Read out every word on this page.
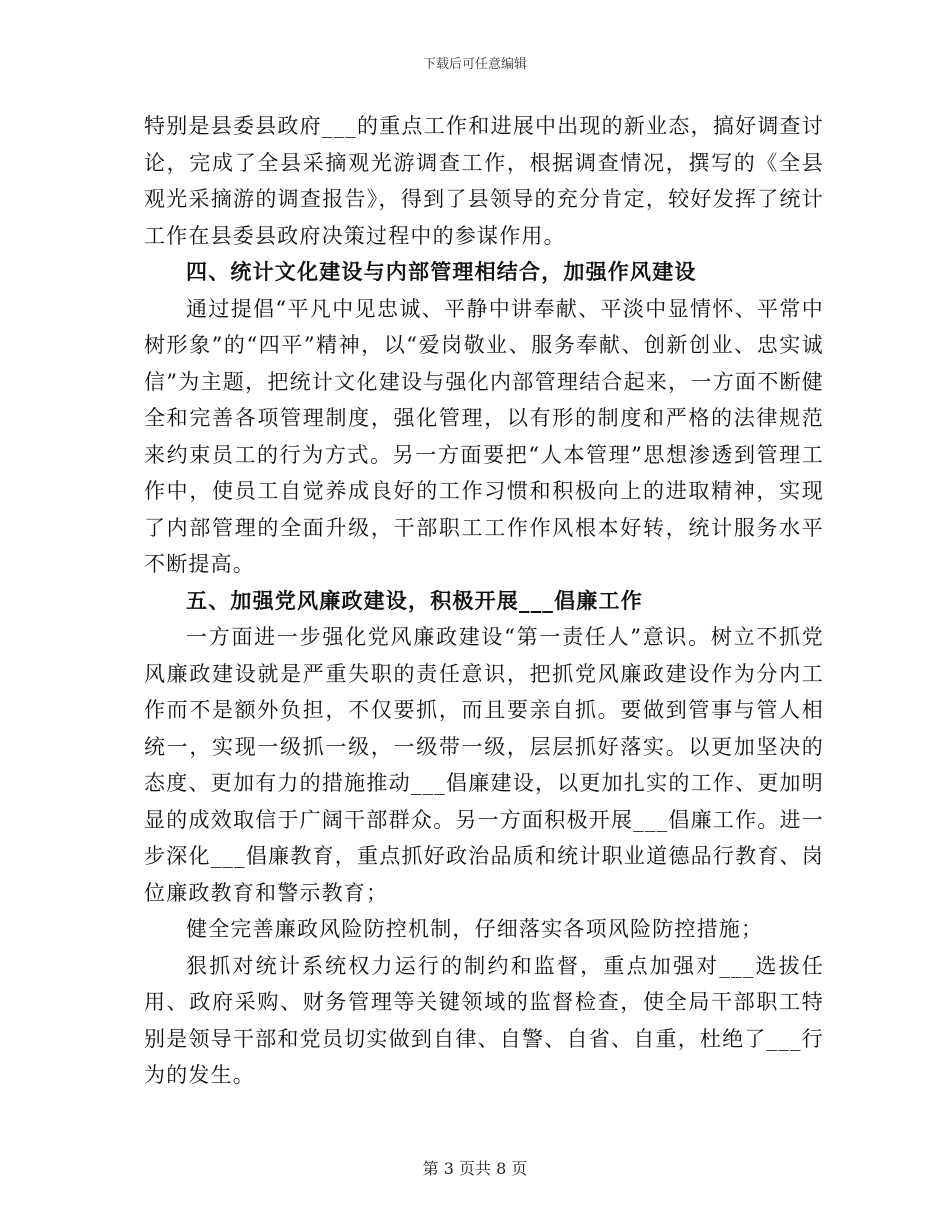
下载后可任意编辑

特别是县委县政府___的重点工作和进展中出现的新业态，搞好调查讨论，完成了全县采摘观光游调查工作，根据调查情况，撰写的《全县观光采摘游的调查报告》，得到了县领导的充分肯定，较好发挥了统计工作在县委县政府决策过程中的参谋作用。

四、统计文化建设与内部管理相结合，加强作风建设

通过提倡“平凡中见忠诚、平静中讲奉献、平淡中显情怀、平常中树形象”的“四平”精神，以“爱岗敬业、服务奉献、创新创业、忠实诚信”为主题，把统计文化建设与强化内部管理结合起来，一方面不断健全和完善各项管理制度，强化管理，以有形的制度和严格的法律规范来约束员工的行为方式。另一方面要把“人本管理”思想渗透到管理工作中，使员工自觉养成良好的工作习惯和积极向上的进取精神，实现了内部管理的全面升级，干部职工工作作风根本好转，统计服务水平不断提高。

五、加强党风廉政建设，积极开展___倡廉工作

一方面进一步强化党风廉政建设“第一责任人”意识。树立不抓党风廉政建设就是严重失职的责任意识，把抓党风廉政建设作为分内工作而不是额外负担，不仅要抓，而且要亲自抓。要做到管事与管人相统一，实现一级抓一级，一级带一级，层层抓好落实。以更加坚决的态度、更加有力的措施推动___倡廉建设，以更加扎实的工作、更加明显的成效取信于广阔干部群众。另一方面积极开展___倡廉工作。进一步深化___倡廉教育，重点抓好政治品质和统计职业道德品行教育、岗位廉政教育和警示教育；

健全完善廉政风险防控机制，仔细落实各项风险防控措施；

狠抓对统计系统权力运行的制约和监督，重点加强对___选拔任用、政府采购、财务管理等关键领域的监督检查，使全局干部职工特别是领导干部和党员切实做到自律、自警、自省、自重，杜绝了___行为的发生。

第 3 页共 8 页
